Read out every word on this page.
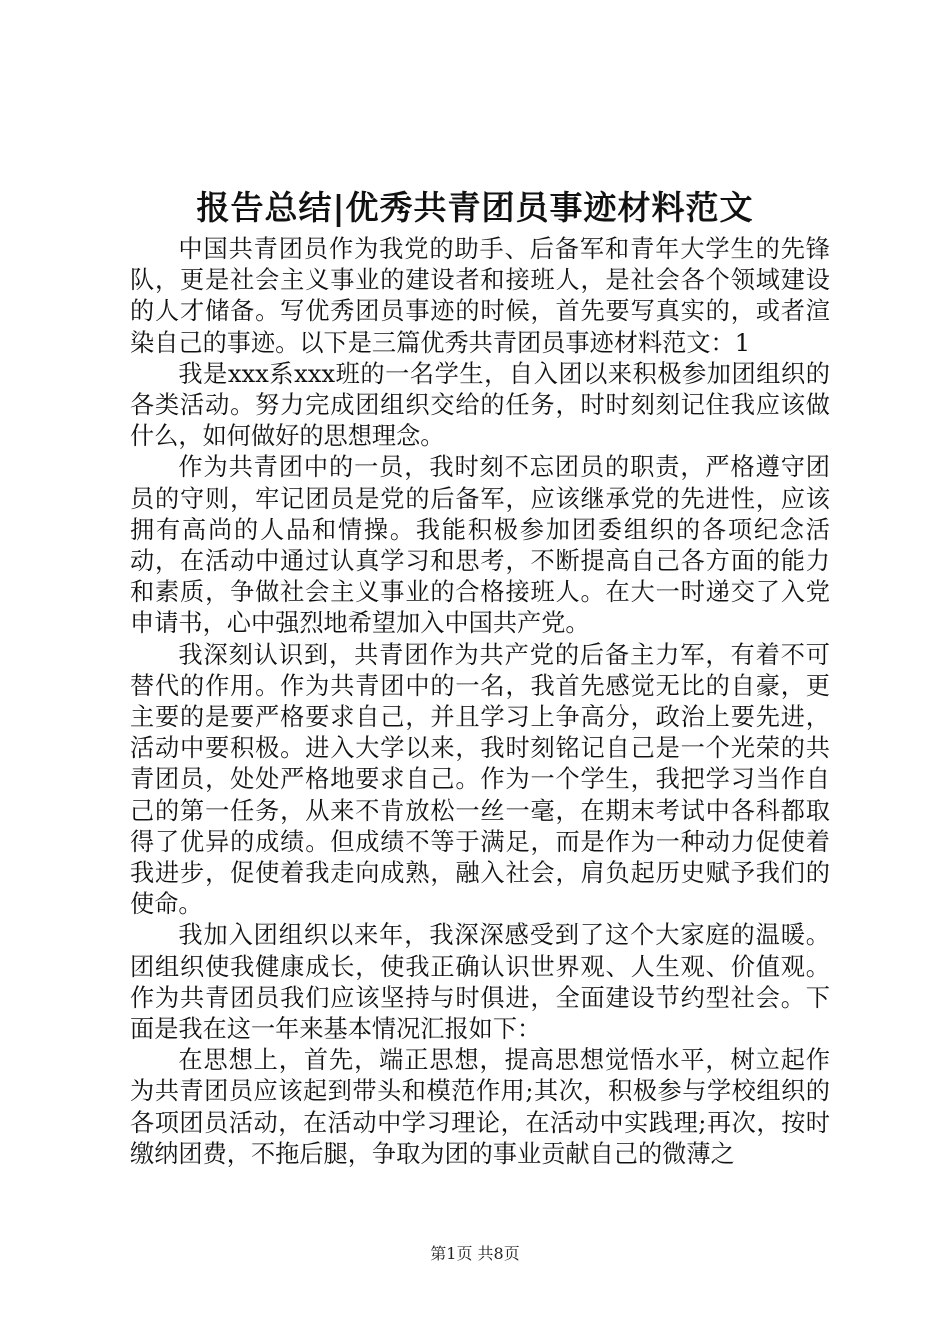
报告总结|优秀共青团员事迹材料范文

中国共青团员作为我党的助手、后备军和青年大学生的先锋队，更是社会主义事业的建设者和接班人，是社会各个领域建设的人才储备。写优秀团员事迹的时候，首先要写真实的，或者渲染自己的事迹。以下是三篇优秀共青团员事迹材料范文：1

我是xxx系xxx班的一名学生，自入团以来积极参加团组织的各类活动。努力完成团组织交给的任务，时时刻刻记住我应该做什么，如何做好的思想理念。

作为共青团中的一员，我时刻不忘团员的职责，严格遵守团员的守则，牢记团员是党的后备军，应该继承党的先进性，应该拥有高尚的人品和情操。我能积极参加团委组织的各项纪念活动，在活动中通过认真学习和思考，不断提高自己各方面的能力和素质，争做社会主义事业的合格接班人。在大一时递交了入党申请书，心中强烈地希望加入中国共产党。

我深刻认识到，共青团作为共产党的后备主力军，有着不可替代的作用。作为共青团中的一名，我首先感觉无比的自豪，更主要的是要严格要求自己，并且学习上争高分，政治上要先进，活动中要积极。进入大学以来，我时刻铭记自己是一个光荣的共青团员，处处严格地要求自己。作为一个学生，我把学习当作自己的第一任务，从来不肯放松一丝一毫，在期末考试中各科都取得了优异的成绩。但成绩不等于满足，而是作为一种动力促使着我进步，促使着我走向成熟，融入社会，肩负起历史赋予我们的使命。

我加入团组织以来年，我深深感受到了这个大家庭的温暖。团组织使我健康成长，使我正确认识世界观、人生观、价值观。作为共青团员我们应该坚持与时俱进，全面建设节约型社会。下面是我在这一年来基本情况汇报如下：

在思想上，首先，端正思想，提高思想觉悟水平，树立起作为共青团员应该起到带头和模范作用;其次，积极参与学校组织的各项团员活动，在活动中学习理论，在活动中实践理;再次，按时缴纳团费，不拖后腿，争取为团的事业贡献自己的微薄之

第1页 共8页
